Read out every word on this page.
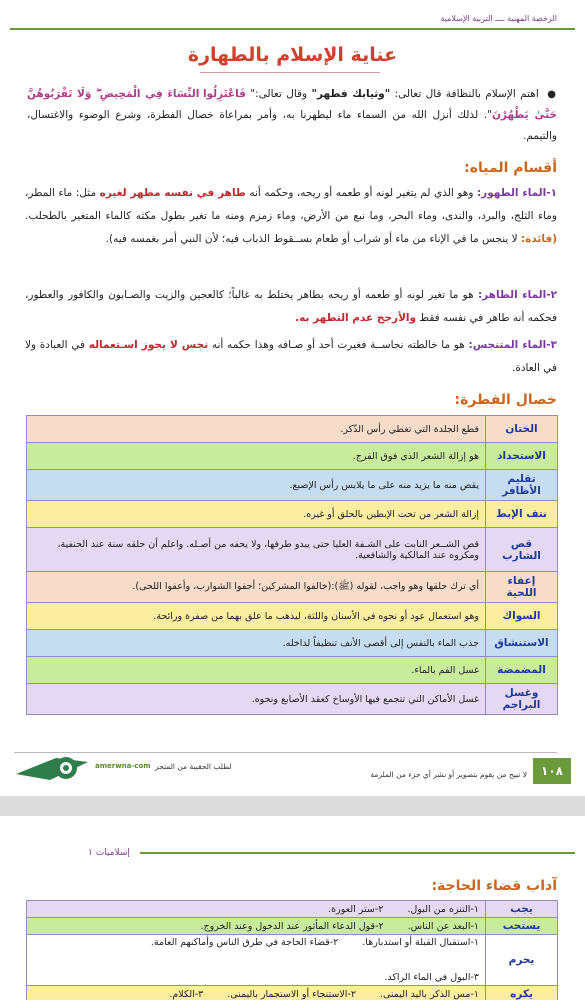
الرخصة المهنية ــــ التربية الإسلامية
عناية الإسلام بالطهارة
● اهتم الإسلام بالنظافة قال تعالى: "وثيابك فطهر" وقال تعالى:" فَاعْتَزِلُوا النِّسَاءَ فِي الْمَحِيضِ ۖ وَلَا تَقْرَبُوهُنَّ حَتَّىٰ يَطْهُرْنَ". لذلك أنزل الله من السماء ماء ليطهرنا به، وأمر بمراعاة خصال الفطرة، وشرع الوضوء والاغتسال، والتيمم.
أقسام المياه:
١-الماء الطهور: وهو الذي لم يتغير لونه أو طعمه أو ريحه، وحكمه أنه طاهر في نفسه مطهر لغيره مثل: ماء المطر، وماء الثلج، والبرد، والندى، وماء البحر، وما نبع من الأرض، وماء زمزم ومنه ما تغير بطول مكثه كالماء المتغير بالطحلب. (فائدة: لا ينجس ما في الإناء من ماء أو شراب أو طعام بســقوط الذباب فيه؛ لأن النبي أمر بغمسه فيه).
٢-الماء الطاهر: هو ما تغير لونه أو طعمه أو ريحه بطاهر يختلط به غالباً؛ كالعجين والزيت والصـابون والكافور والعطور، فحكمه أنه طاهر في نفسه فقط والأرجح عدم التطهر به.
٣-الماء المتنجس: هو ما خالطته نجاســة فغيرت أحد أو صـافه وهذا حكمه أنه نجس لا يجوز اسـتعماله في العبادة ولا في العادة.
خصال الفطرة:
الختان	قطع الجلدة التي تغطي رأس الذّكر.
الاستحداد	هو إزالة الشعر الذي فوق الفرج.
تقليم الأظافر	يقص منه ما يزيد منه على ما يلابس رأس الإصبع.
نتف الإبط	إزالة الشعر من تحت الإبطين بالحلق أو غيره.
قص الشارب	قص الشــعر النابت على الشـفة العليا حتى يبدو طرفها، ولا يحفه من أصـله. واعلم أن حلقه سنة عند الحنفية، ومكروه عند المالكية والشافعية.
إعفاء اللحية	أي ترك حلقها وهو واجب، لقوله (ﷺ):(خالفوا المشركين؛ أحفوا الشوارب، وأعفوا اللحى).
السواك	وهو استعمال عود أو نحوه في الأسنان واللثة، ليذهب ما علق بهما من صفرة ورائحة.
الاستنشاق	جذب الماء بالنفس إلى أقصى الأنف تنظيفاً لداخله.
المضمضة	غسل الفم بالماء.
وغسل البراجم	غسل الأماكن التي تتجمع فيها الأوساخ كعقد الأصابع ونحوه.
١٠٨
لا نبيح من يقوم بتصوير أو نشر أي جزء من الملزمة
لطلب الحقيبة من المتجر
amerwna-com
إسلاميات ١
آداب قضاء الحاجة:
يجب	١-التنزه من البول.
٢-ستر العورة.

يستحب	١-البعد عن الناس.
٢-قول الدعاء المأثور عند الدخول وعند الخروج.

يحرم	١-استقبال القبلة أو استدبارها.
٢-قضاء الحاجة في طرق الناس وأماكنهم العامة.
٣-البول في الماء الراكد.

يكره	١-مس الذكر باليد اليمنى.
٢-الاستنجاء أو الاستجمار باليمنى.
٣-الكلام.
